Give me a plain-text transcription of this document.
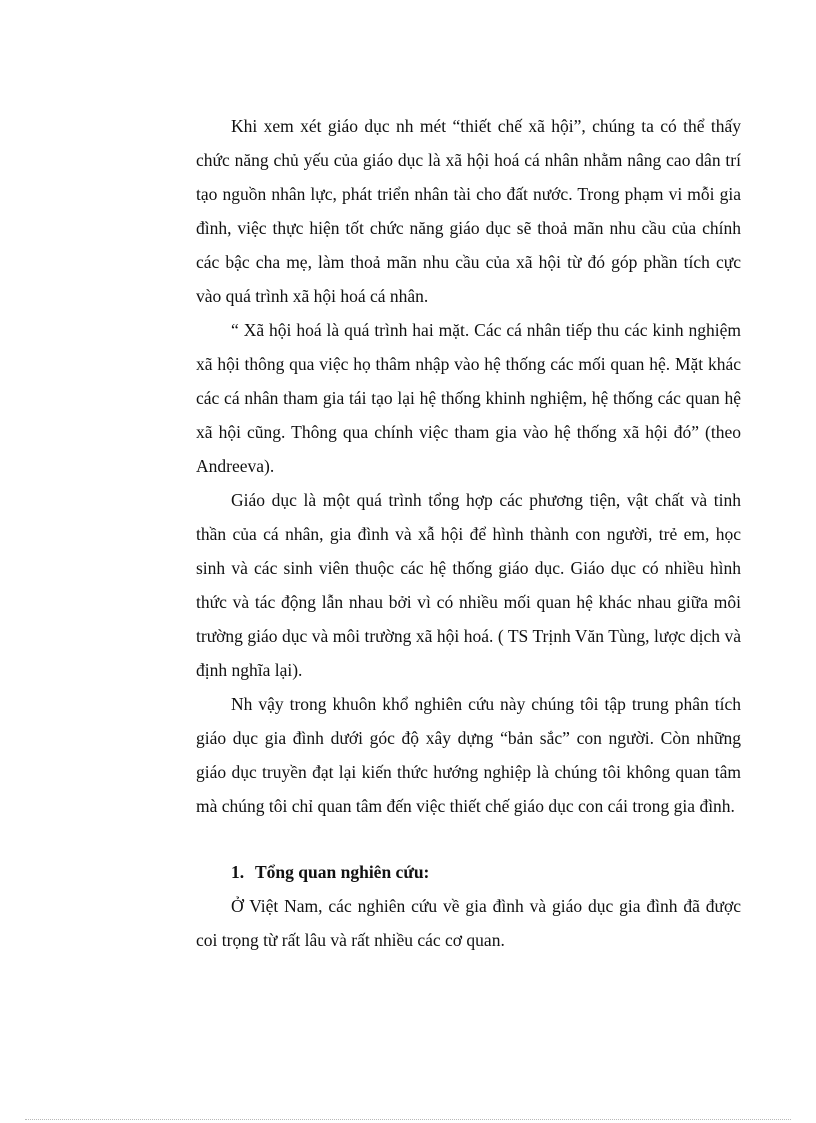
Khi xem xét giáo dục nh mét “thiết chế xã hội”, chúng ta có thể thấy chức năng chủ yếu của giáo dục là xã hội hoá cá nhân nhằm nâng cao dân trí tạo nguồn nhân lực, phát triển nhân tài cho đất nước. Trong phạm vi mỗi gia đình, việc thực hiện tốt chức năng giáo dục sẽ thoả mãn nhu cầu của chính các bậc cha mẹ, làm thoả mãn nhu cầu của xã hội từ đó góp phần tích cực vào quá trình xã hội hoá cá nhân.

“ Xã hội hoá là quá trình hai mặt. Các cá nhân tiếp thu các kinh nghiệm xã hội thông qua việc họ thâm nhập vào hệ thống các mối quan hệ. Mặt khác các cá nhân tham gia tái tạo lại hệ thống khinh nghiệm, hệ thống các quan hệ xã hội cũng. Thông qua chính việc tham gia vào hệ thống xã hội đó” (theo Andreeva).

Giáo dục là một quá trình tổng hợp các phương tiện, vật chất và tinh thần của cá nhân, gia đình và xẫ hội để hình thành con người, trẻ em, học sinh và các sinh viên thuộc các hệ thống giáo dục. Giáo dục có nhiều hình thức và tác động lẫn nhau bởi vì có nhiều mối quan hệ khác nhau giữa môi trường giáo dục và môi trường xã hội hoá. ( TS Trịnh Văn Tùng, lược dịch và định nghĩa lại).

Nh vậy trong khuôn khổ nghiên cứu này chúng tôi tập trung phân tích giáo dục gia đình dưới góc độ xây dựng “bản sắc” con người. Còn những giáo dục truyền đạt lại kiến thức hướng nghiệp là chúng tôi không quan tâm mà chúng tôi chỉ quan tâm đến việc thiết chế giáo dục con cái trong gia đình.

1. Tổng quan nghiên cứu:

Ở Việt Nam, các nghiên cứu về gia đình và giáo dục gia đình đã được coi trọng từ rất lâu và rất nhiều các cơ quan.
